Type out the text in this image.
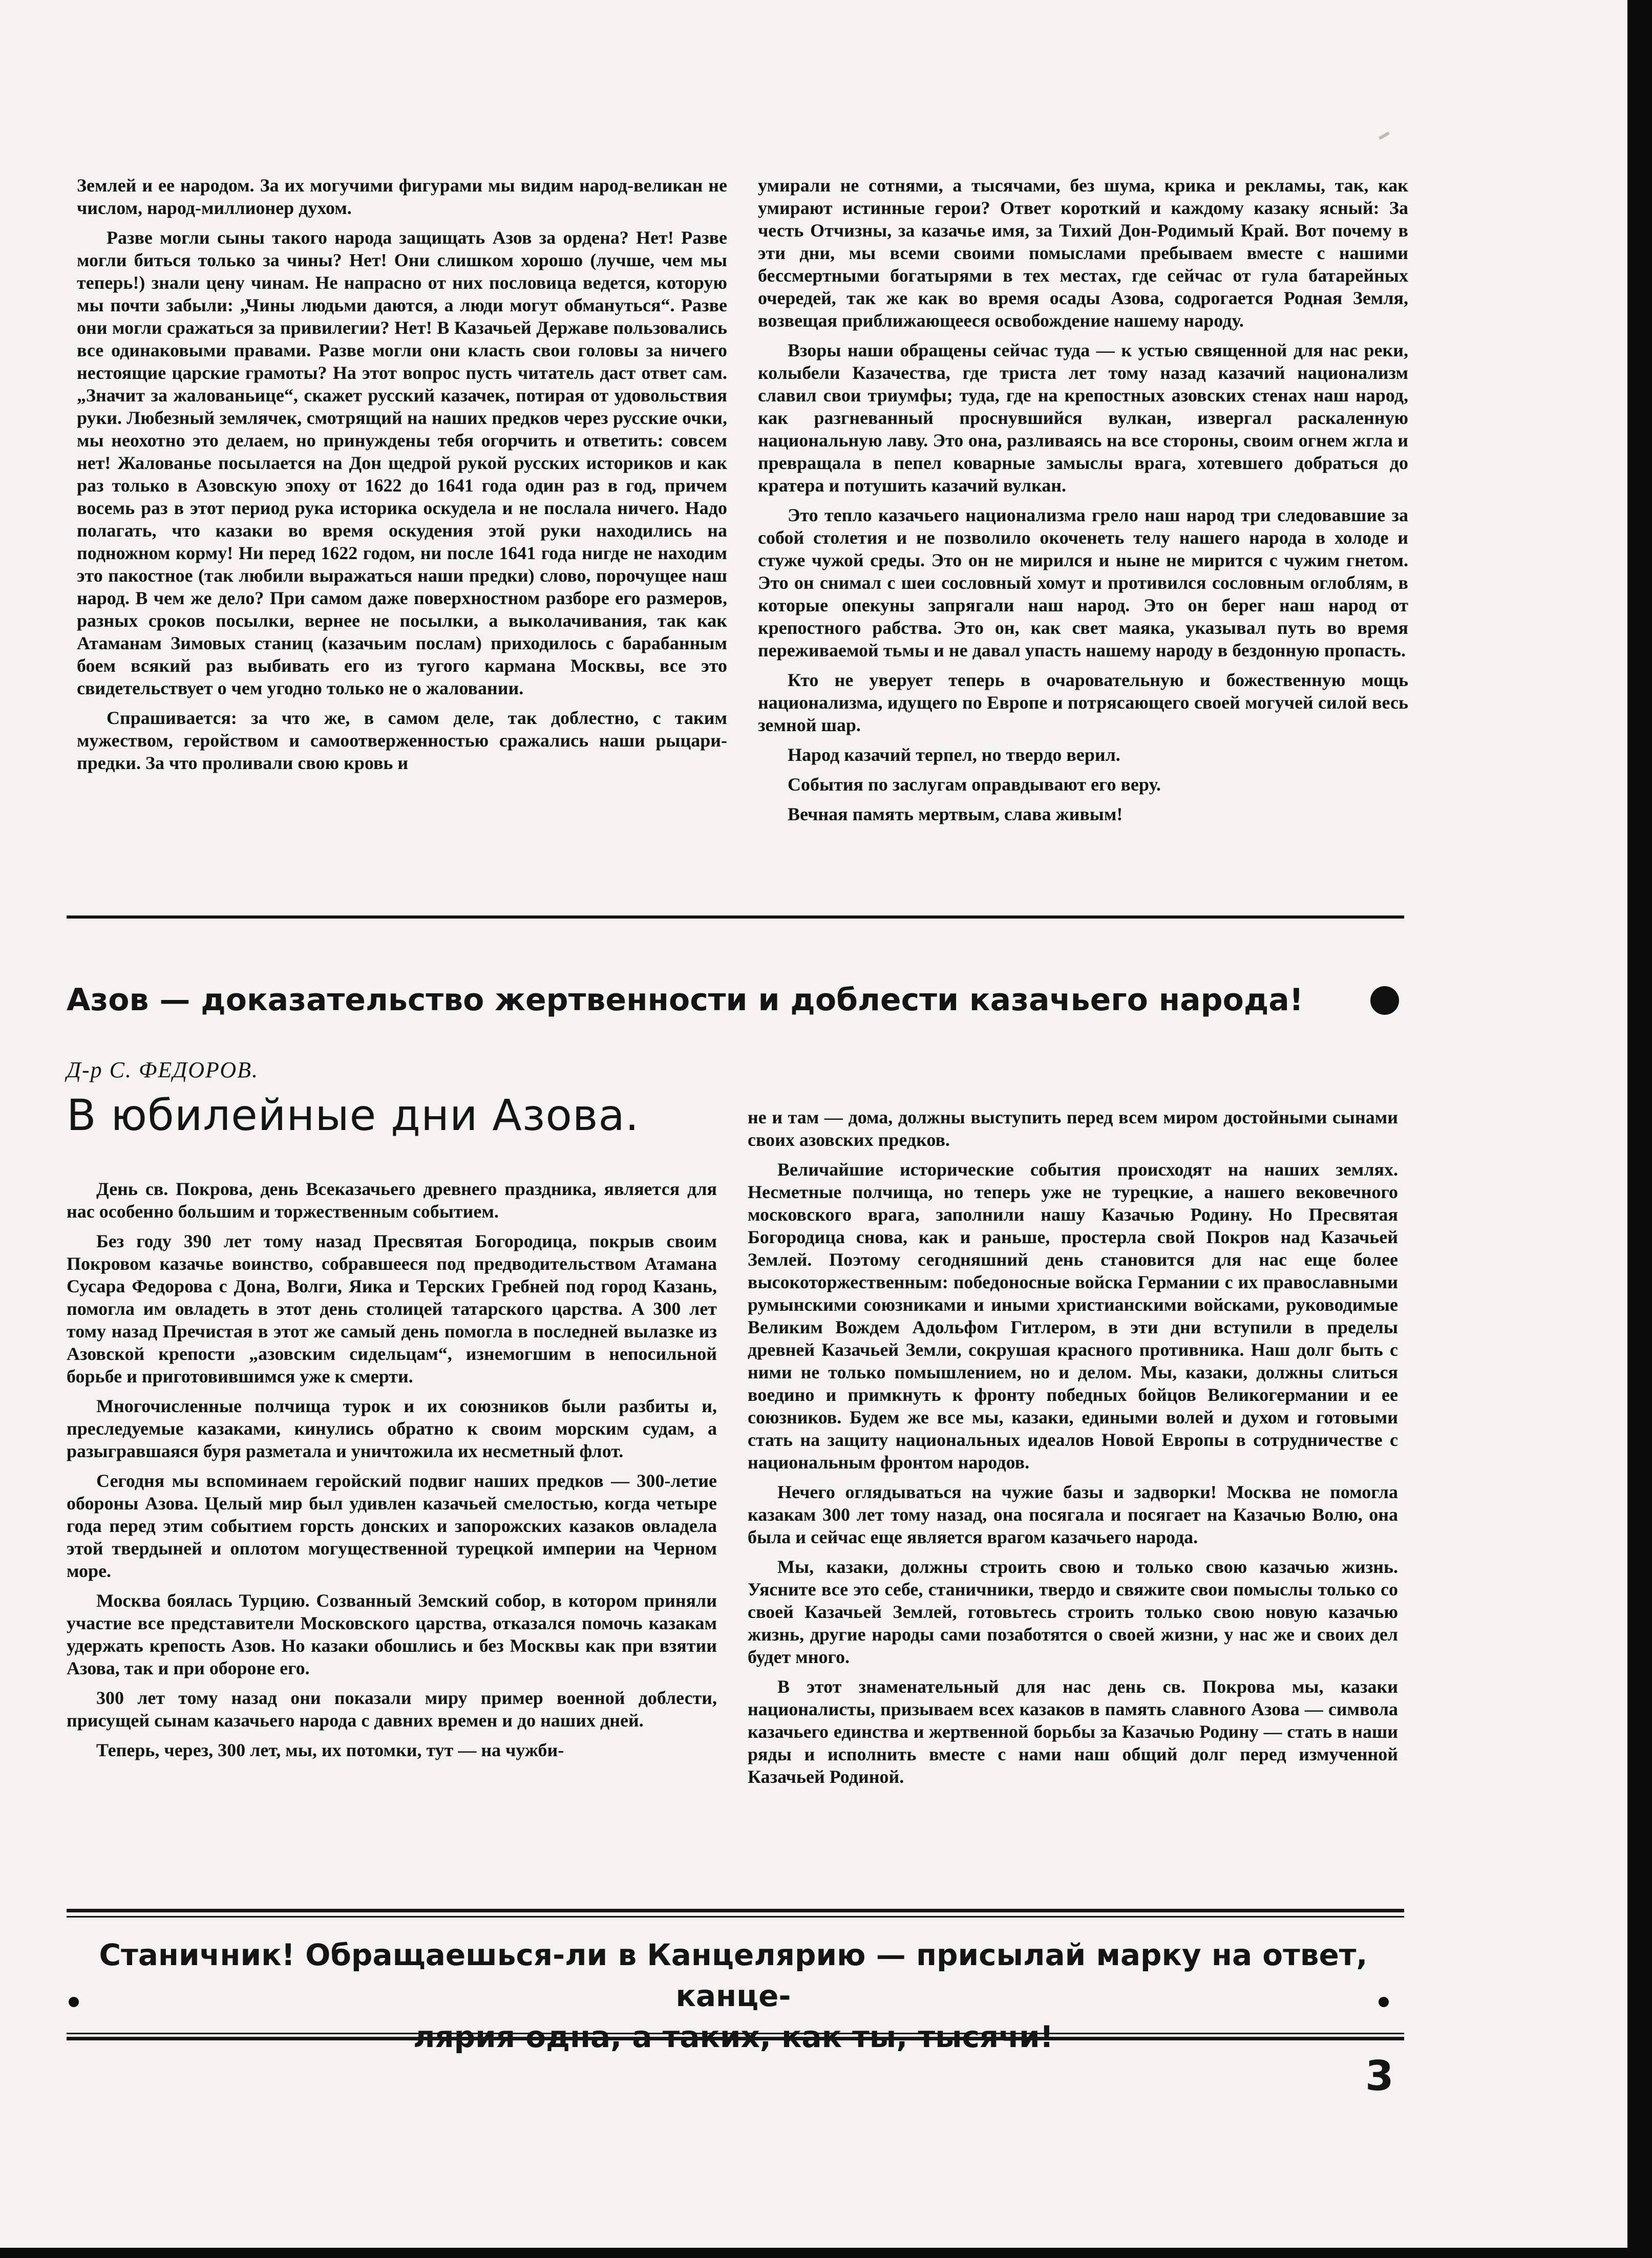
Землей и ее народом. За их могучими фигурами мы видим народ-великан не числом, народ-миллионер духом.

Разве могли сыны такого народа защищать Азов за ордена? Нет! Разве могли биться только за чины? Нет! Они слишком хорошо (лучше, чем мы теперь!) знали цену чинам. Не напрасно от них пословица ведется, которую мы почти забыли: „Чины людьми даются, а люди могут обмануться“. Разве они могли сражаться за привилегии? Нет! В Казачьей Державе пользовались все одинаковыми правами. Разве могли они класть свои головы за ничего нестоящие царские грамоты? На этот вопрос пусть читатель даст ответ сам. „Значит за жалованьице“, скажет русский казачек, потирая от удовольствия руки. Любезный землячек, смотрящий на наших предков через русские очки, мы неохотно это делаем, но принуждены тебя огорчить и ответить: совсем нет! Жалованье посылается на Дон щедрой рукой русских историков и как раз только в Азовскую эпоху от 1622 до 1641 года один раз в год, причем восемь раз в этот период рука историка оскудела и не послала ничего. Надо полагать, что казаки во время оскудения этой руки находились на подножном корму! Ни перед 1622 годом, ни после 1641 года нигде не находим это пакостное (так любили выражаться наши предки) слово, порочущее наш народ. В чем же дело? При самом даже поверхностном разборе его размеров, разных сроков посылки, вернее не посылки, а выколачивания, так как Атаманам Зимовых станиц (казачьим послам) приходилось с барабанным боем всякий раз выбивать его из тугого кармана Москвы, все это свидетельствует о чем угодно только не о жаловании.

Спрашивается: за что же, в самом деле, так доблестно, с таким мужеством, геройством и самоотверженностью сражались наши рыцари-предки. За что проливали свою кровь и

умирали не сотнями, а тысячами, без шума, крика и рекламы, так, как умирают истинные герои? Ответ короткий и каждому казаку ясный: За честь Отчизны, за казачье имя, за Тихий Дон-Родимый Край. Вот почему в эти дни, мы всеми своими помыслами пребываем вместе с нашими бессмертными богатырями в тех местах, где сейчас от гула батарейных очередей, так же как во время осады Азова, содрогается Родная Земля, возвещая приближающееся освобождение нашему народу.

Взоры наши обращены сейчас туда — к устью священной для нас реки, колыбели Казачества, где триста лет тому назад казачий национализм славил свои триумфы; туда, где на крепостных азовских стенах наш народ, как разгневанный проснувшийся вулкан, извергал раскаленную национальную лаву. Это она, разливаясь на все стороны, своим огнем жгла и превращала в пепел коварные замыслы врага, хотевшего добраться до кратера и потушить казачий вулкан.

Это тепло казачьего национализма грело наш народ три следовавшие за собой столетия и не позволило окоченеть телу нашего народа в холоде и стуже чужой среды. Это он не мирился и ныне не мирится с чужим гнетом. Это он снимал с шеи сословный хомут и противился сословным оглоблям, в которые опекуны запрягали наш народ. Это он берег наш народ от крепостного рабства. Это он, как свет маяка, указывал путь во время переживаемой тьмы и не давал упасть нашему народу в бездонную пропасть.

Кто не уверует теперь в очаровательную и божественную мощь национализма, идущего по Европе и потрясающего своей могучей силой весь земной шар.

Народ казачий терпел, но твердо верил.

События по заслугам оправдывают его веру.

Вечная память мертвым, слава живым!

Азов — доказательство жертвенности и доблести казачьего народа!
Д-р С. ФЕДОРОВ.
В юбилейные дни Азова.

День св. Покрова, день Всеказачьего древнего праздника, является для нас особенно большим и торжественным событием.

Без году 390 лет тому назад Пресвятая Богородица, покрыв своим Покровом казачье воинство, собравшееся под предводительством Атамана Сусара Федорова с Дона, Волги, Яика и Терских Гребней под город Казань, помогла им овладеть в этот день столицей татарского царства. А 300 лет тому назад Пречистая в этот же самый день помогла в последней вылазке из Азовской крепости „азовским сидельцам“, изнемогшим в непосильной борьбе и приготовившимся уже к смерти.

Многочисленные полчища турок и их союзников были разбиты и, преследуемые казаками, кинулись обратно к своим морским судам, а разыгравшаяся буря разметала и уничтожила их несметный флот.

Сегодня мы вспоминаем геройский подвиг наших предков — 300-летие обороны Азова. Целый мир был удивлен казачьей смелостью, когда четыре года перед этим событием горсть донских и запорожских казаков овладела этой твердыней и оплотом могущественной турецкой империи на Черном море.

Москва боялась Турцию. Созванный Земский собор, в котором приняли участие все представители Московского царства, отказался помочь казакам удержать крепость Азов. Но казаки обошлись и без Москвы как при взятии Азова, так и при обороне его.

300 лет тому назад они показали миру пример военной доблести, присущей сынам казачьего народа с давних времен и до наших дней.

Теперь, через, 300 лет, мы, их потомки, тут — на чужби-

не и там — дома, должны выступить перед всем миром достойными сынами своих азовских предков.

Величайшие исторические события происходят на наших землях. Несметные полчища, но теперь уже не турецкие, а нашего вековечного московского врага, заполнили нашу Казачью Родину. Но Пресвятая Богородица снова, как и раньше, простерла свой Покров над Казачьей Землей. Поэтому сегодняшний день становится для нас еще более высокоторжественным: победоносные войска Германии с их православными румынскими союзниками и иными христианскими войсками, руководимые Великим Вождем Адольфом Гитлером, в эти дни вступили в пределы древней Казачьей Земли, сокрушая красного противника. Наш долг быть с ними не только помышлением, но и делом. Мы, казаки, должны слиться воедино и примкнуть к фронту победных бойцов Великогермании и ее союзников. Будем же все мы, казаки, едиными волей и духом и готовыми стать на защиту национальных идеалов Новой Европы в сотрудничестве с национальным фронтом народов.

Нечего оглядываться на чужие базы и задворки! Москва не помогла казакам 300 лет тому назад, она посягала и посягает на Казачью Волю, она была и сейчас еще является врагом казачьего народа.

Мы, казаки, должны строить свою и только свою казачью жизнь. Уясните все это себе, станичники, твердо и свяжите свои помыслы только со своей Казачьей Землей, готовьтесь строить только свою новую казачью жизнь, другие народы сами позаботятся о своей жизни, у нас же и своих дел будет много.

В этот знаменательный для нас день св. Покрова мы, казаки националисты, призываем всех казаков в память славного Азова — символа казачьего единства и жертвенной борьбы за Казачью Родину — стать в наши ряды и исполнить вместе с нами наш общий долг перед измученной Казачьей Родиной.

Станичник! Обращаешься-ли в Канцелярию — присылай марку на ответ, канце-
3
